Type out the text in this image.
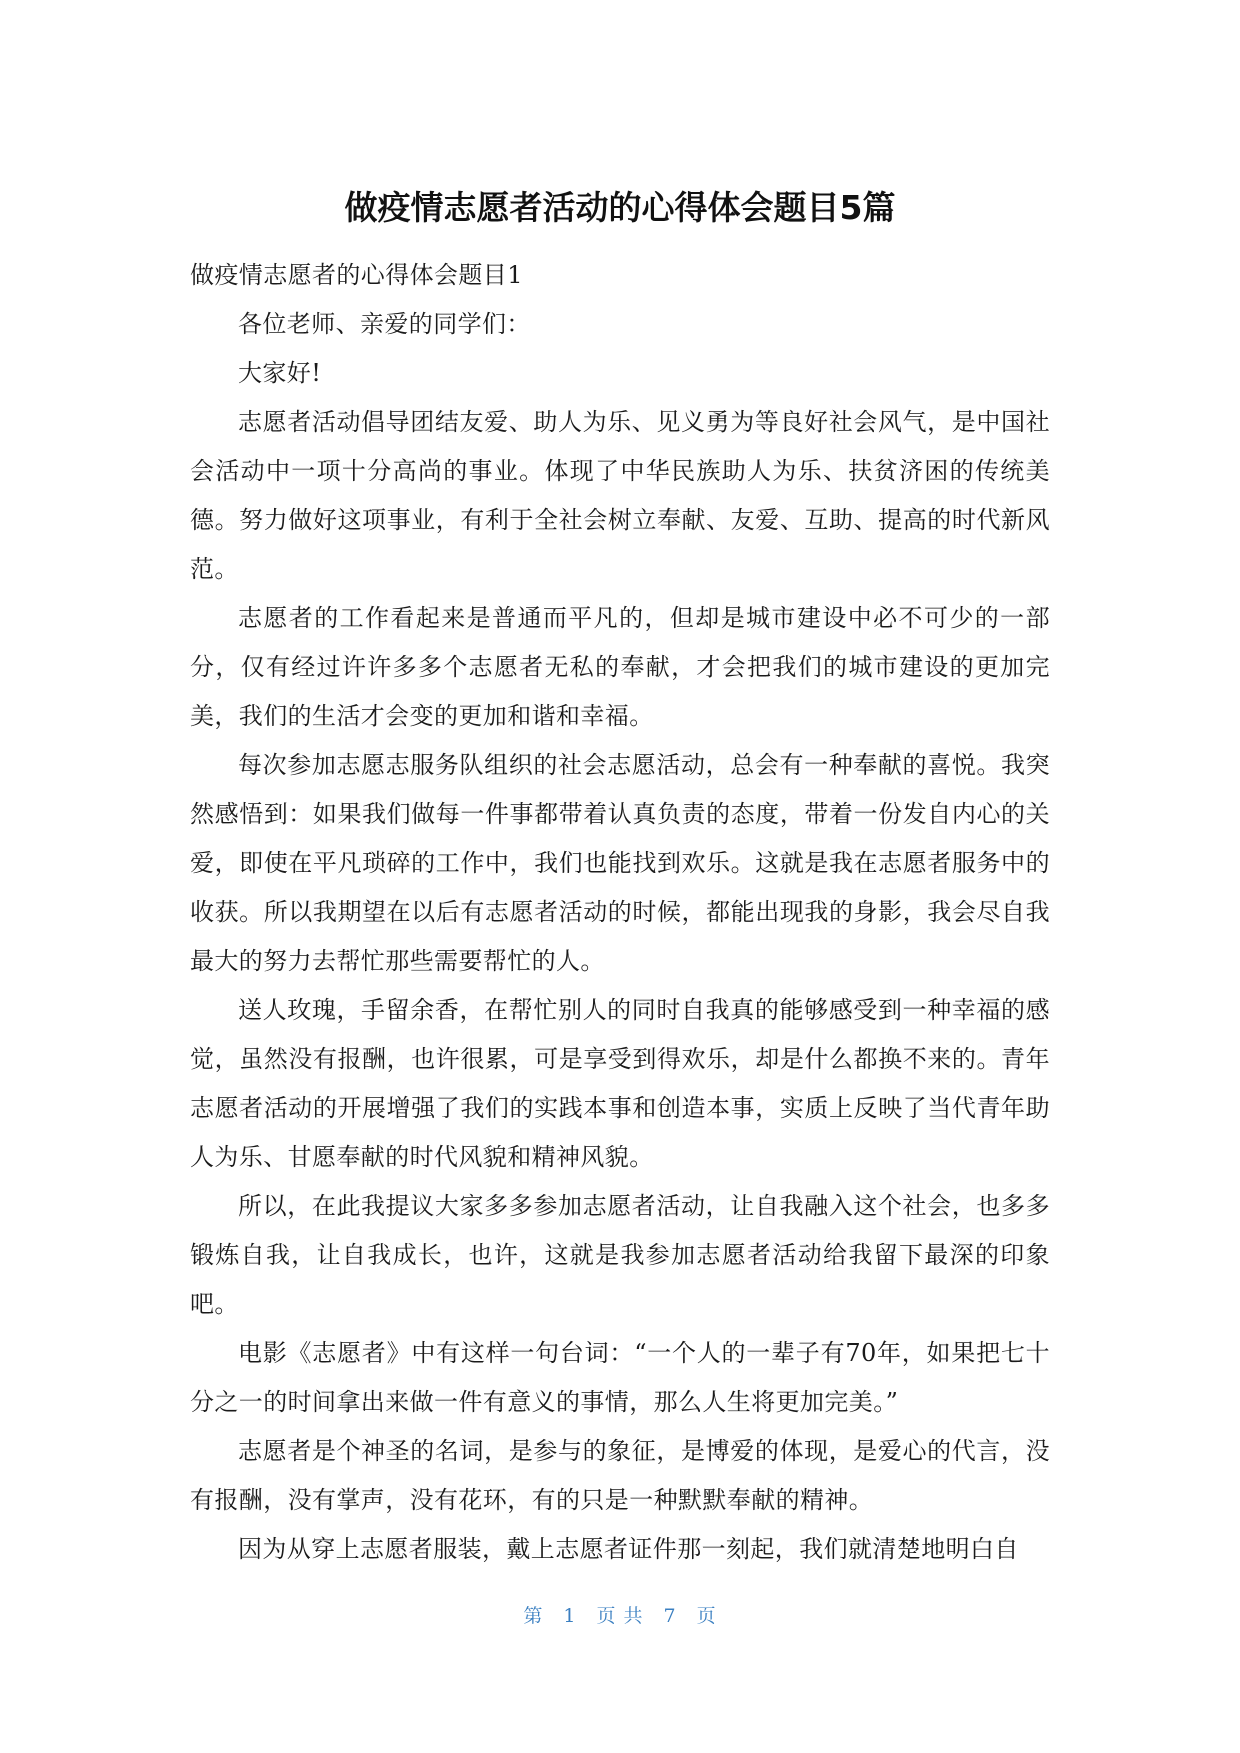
做疫情志愿者活动的心得体会题目5篇

做疫情志愿者的心得体会题目1

各位老师、亲爱的同学们：

大家好!

志愿者活动倡导团结友爱、助人为乐、见义勇为等良好社会风气，是中国社会活动中一项十分高尚的事业。体现了中华民族助人为乐、扶贫济困的传统美德。努力做好这项事业，有利于全社会树立奉献、友爱、互助、提高的时代新风范。

志愿者的工作看起来是普通而平凡的，但却是城市建设中必不可少的一部分，仅有经过许许多多个志愿者无私的奉献，才会把我们的城市建设的更加完美，我们的生活才会变的更加和谐和幸福。

每次参加志愿志服务队组织的社会志愿活动，总会有一种奉献的喜悦。我突然感悟到：如果我们做每一件事都带着认真负责的态度，带着一份发自内心的关爱，即使在平凡琐碎的工作中，我们也能找到欢乐。这就是我在志愿者服务中的收获。所以我期望在以后有志愿者活动的时候，都能出现我的身影，我会尽自我最大的努力去帮忙那些需要帮忙的人。

送人玫瑰，手留余香，在帮忙别人的同时自我真的能够感受到一种幸福的感觉，虽然没有报酬，也许很累，可是享受到得欢乐，却是什么都换不来的。青年志愿者活动的开展增强了我们的实践本事和创造本事，实质上反映了当代青年助人为乐、甘愿奉献的时代风貌和精神风貌。

所以，在此我提议大家多多参加志愿者活动，让自我融入这个社会，也多多锻炼自我，让自我成长，也许，这就是我参加志愿者活动给我留下最深的印象吧。

电影《志愿者》中有这样一句台词：“一个人的一辈子有70年，如果把七十分之一的时间拿出来做一件有意义的事情，那么人生将更加完美。”

志愿者是个神圣的名词，是参与的象征，是博爱的体现，是爱心的代言，没有报酬，没有掌声，没有花环，有的只是一种默默奉献的精神。

因为从穿上志愿者服装，戴上志愿者证件那一刻起，我们就清楚地明白自

第 1 页 共 7 页
